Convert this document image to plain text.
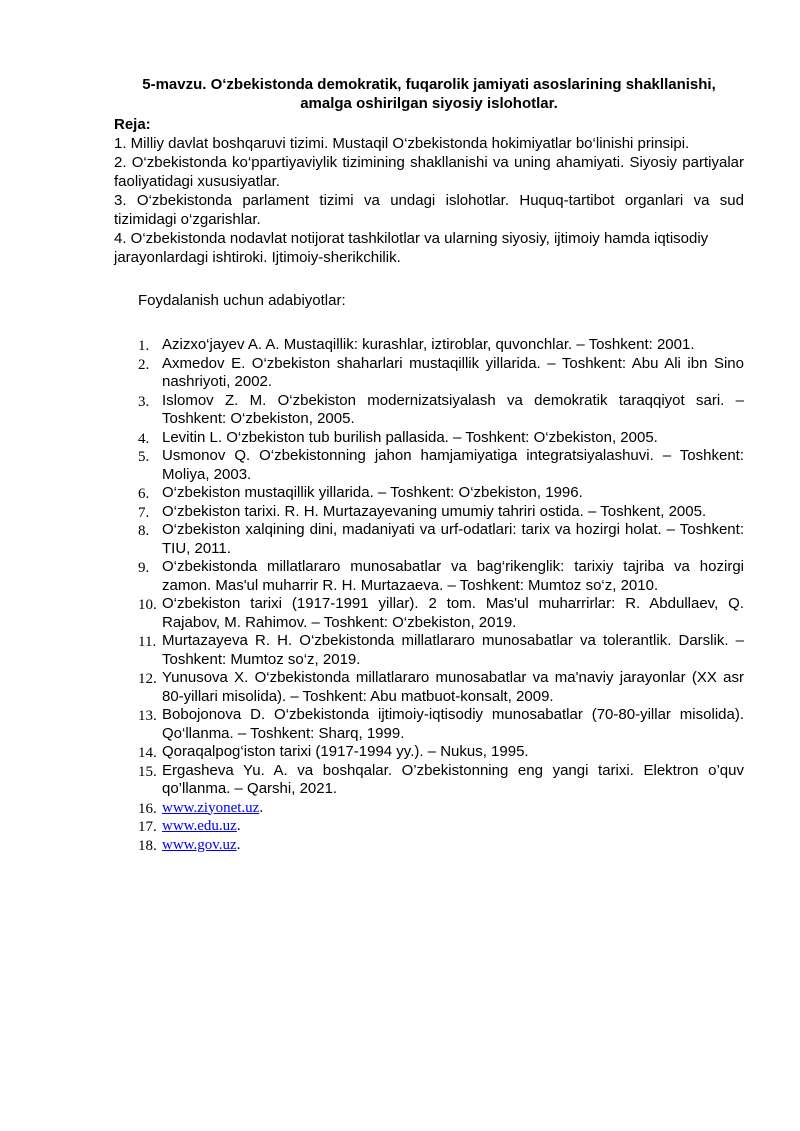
5-mavzu. O‘zbekistonda demokratik, fuqarolik jamiyati asoslarining shakllanishi,
amalga oshirilgan siyosiy islohotlar.

Reja:

1. Milliy davlat boshqaruvi tizimi. Mustaqil O‘zbekistonda hokimiyatlar bo‘linishi prinsipi.

2. O‘zbekistonda ko‘ppartiyaviylik tizimining shakllanishi va uning ahamiyati. Siyosiy partiyalar faoliyatidagi xususiyatlar.

3. O‘zbekistonda parlament tizimi va undagi islohotlar. Huquq-tartibot organlari va sud tizimidagi o‘zgarishlar.

4. O‘zbekistonda nodavlat notijorat tashkilotlar va ularning siyosiy, ijtimoiy hamda iqtisodiy jarayonlardagi ishtiroki. Ijtimoiy-sherikchilik.

Foydalanish uchun adabiyotlar:

1. Azizxo‘jayev A. A. Mustaqillik: kurashlar, iztiroblar, quvonchlar. – Toshkent: 2001.
2. Axmedov E. O‘zbekiston shaharlari mustaqillik yillarida. – Toshkent: Abu Ali ibn Sino nashriyoti, 2002.
3. Islomov Z. M. O‘zbekiston modernizatsiyalash va demokratik taraqqiyot sari. – Toshkent: O‘zbekiston, 2005.
4. Levitin L. O‘zbekiston tub burilish pallasida. – Toshkent: O‘zbekiston, 2005.
5. Usmonov Q. O‘zbekistonning jahon hamjamiyatiga integratsiyalashuvi. – Toshkent: Moliya, 2003.
6. O‘zbekiston mustaqillik yillarida. – Toshkent: O‘zbekiston, 1996.
7. O‘zbekiston tarixi. R. H. Murtazayevaning umumiy tahriri ostida. – Toshkent, 2005.
8. O‘zbekiston xalqining dini, madaniyati va urf-odatlari: tarix va hozirgi holat. – Toshkent: TIU, 2011.
9. O‘zbekistonda millatlararo munosabatlar va bag‘rikenglik: tarixiy tajriba va hozirgi zamon. Mas'ul muharrir R. H. Murtazaeva. – Toshkent: Mumtoz so‘z, 2010.
10. O‘zbekiston tarixi (1917-1991 yillar). 2 tom. Mas'ul muharrirlar: R. Abdullaev, Q. Rajabov, M. Rahimov. – Toshkent: O‘zbekiston, 2019.
11. Murtazayeva R. H. O‘zbekistonda millatlararo munosabatlar va tolerantlik. Darslik. – Toshkent: Mumtoz so‘z, 2019.
12. Yunusova X. O‘zbekistonda millatlararo munosabatlar va ma'naviy jarayonlar (XX asr 80-yillari misolida). – Toshkent: Abu matbuot-konsalt, 2009.
13. Bobojonova D. O‘zbekistonda ijtimoiy-iqtisodiy munosabatlar (70-80-yillar misolida). Qo‘llanma. – Toshkent: Sharq, 1999.
14. Qoraqalpog‘iston tarixi (1917-1994 yy.). – Nukus, 1995.
15. Ergasheva Yu. A. va boshqalar. O’zbekistonning eng yangi tarixi. Elektron o’quv qo’llanma. – Qarshi, 2021.
16. www.ziyonet.uz.
17. www.edu.uz.
18. www.gov.uz.
